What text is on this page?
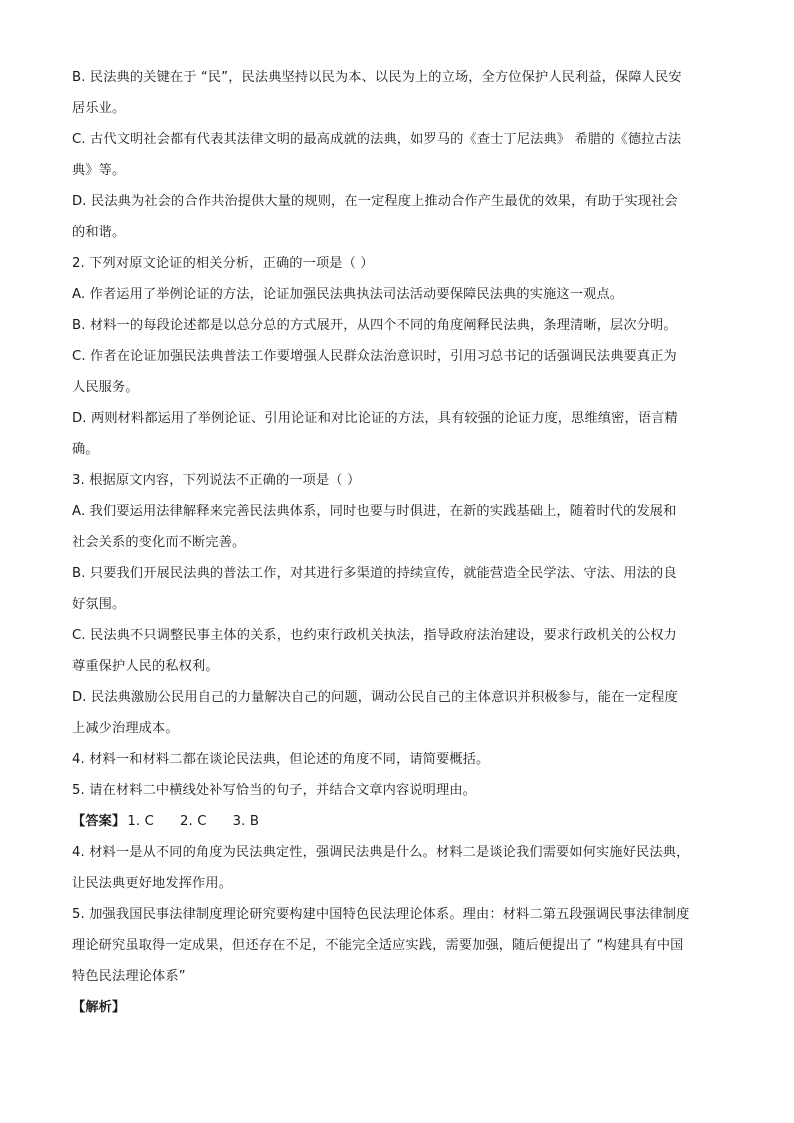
B. 民法典的关键在于 “民”，民法典坚持以民为本、以民为上的立场，全方位保护人民利益，保障人民安
居乐业。
C. 古代文明社会都有代表其法律文明的最高成就的法典，如罗马的《查士丁尼法典》 希腊的《德拉古法
典》等。
D. 民法典为社会的合作共治提供大量的规则，在一定程度上推动合作产生最优的效果，有助于实现社会
的和谐。
2. 下列对原文论证的相关分析，正确的一项是（ ）
A. 作者运用了举例论证的方法，论证加强民法典执法司法活动要保障民法典的实施这一观点。
B. 材料一的每段论述都是以总分总的方式展开，从四个不同的角度阐释民法典，条理清晰，层次分明。
C. 作者在论证加强民法典普法工作要增强人民群众法治意识时，引用习总书记的话强调民法典要真正为
人民服务。
D. 两则材料都运用了举例论证、引用论证和对比论证的方法，具有较强的论证力度，思维缜密，语言精
确。
3. 根据原文内容，下列说法不正确的一项是（ ）
A. 我们要运用法律解释来完善民法典体系，同时也要与时俱进，在新的实践基础上，随着时代的发展和
社会关系的变化而不断完善。
B. 只要我们开展民法典的普法工作，对其进行多渠道的持续宣传，就能营造全民学法、守法、用法的良
好氛围。
C. 民法典不只调整民事主体的关系，也约束行政机关执法，指导政府法治建设，要求行政机关的公权力
尊重保护人民的私权利。
D. 民法典激励公民用自己的力量解决自己的问题，调动公民自己的主体意识并积极参与，能在一定程度
上减少治理成本。
4. 材料一和材料二都在谈论民法典，但论述的角度不同，请简要概括。
5. 请在材料二中横线处补写恰当的句子，并结合文章内容说明理由。
【答案】 1. C      2. C      3. B
4. 材料一是从不同的角度为民法典定性，强调民法典是什么。材料二是谈论我们需要如何实施好民法典，
让民法典更好地发挥作用。
5. 加强我国民事法律制度理论研究要构建中国特色民法理论体系。理由：材料二第五段强调民事法律制度
理论研究虽取得一定成果，但还存在不足，不能完全适应实践，需要加强，随后便提出了 “构建具有中国
特色民法理论体系”
【解析】
